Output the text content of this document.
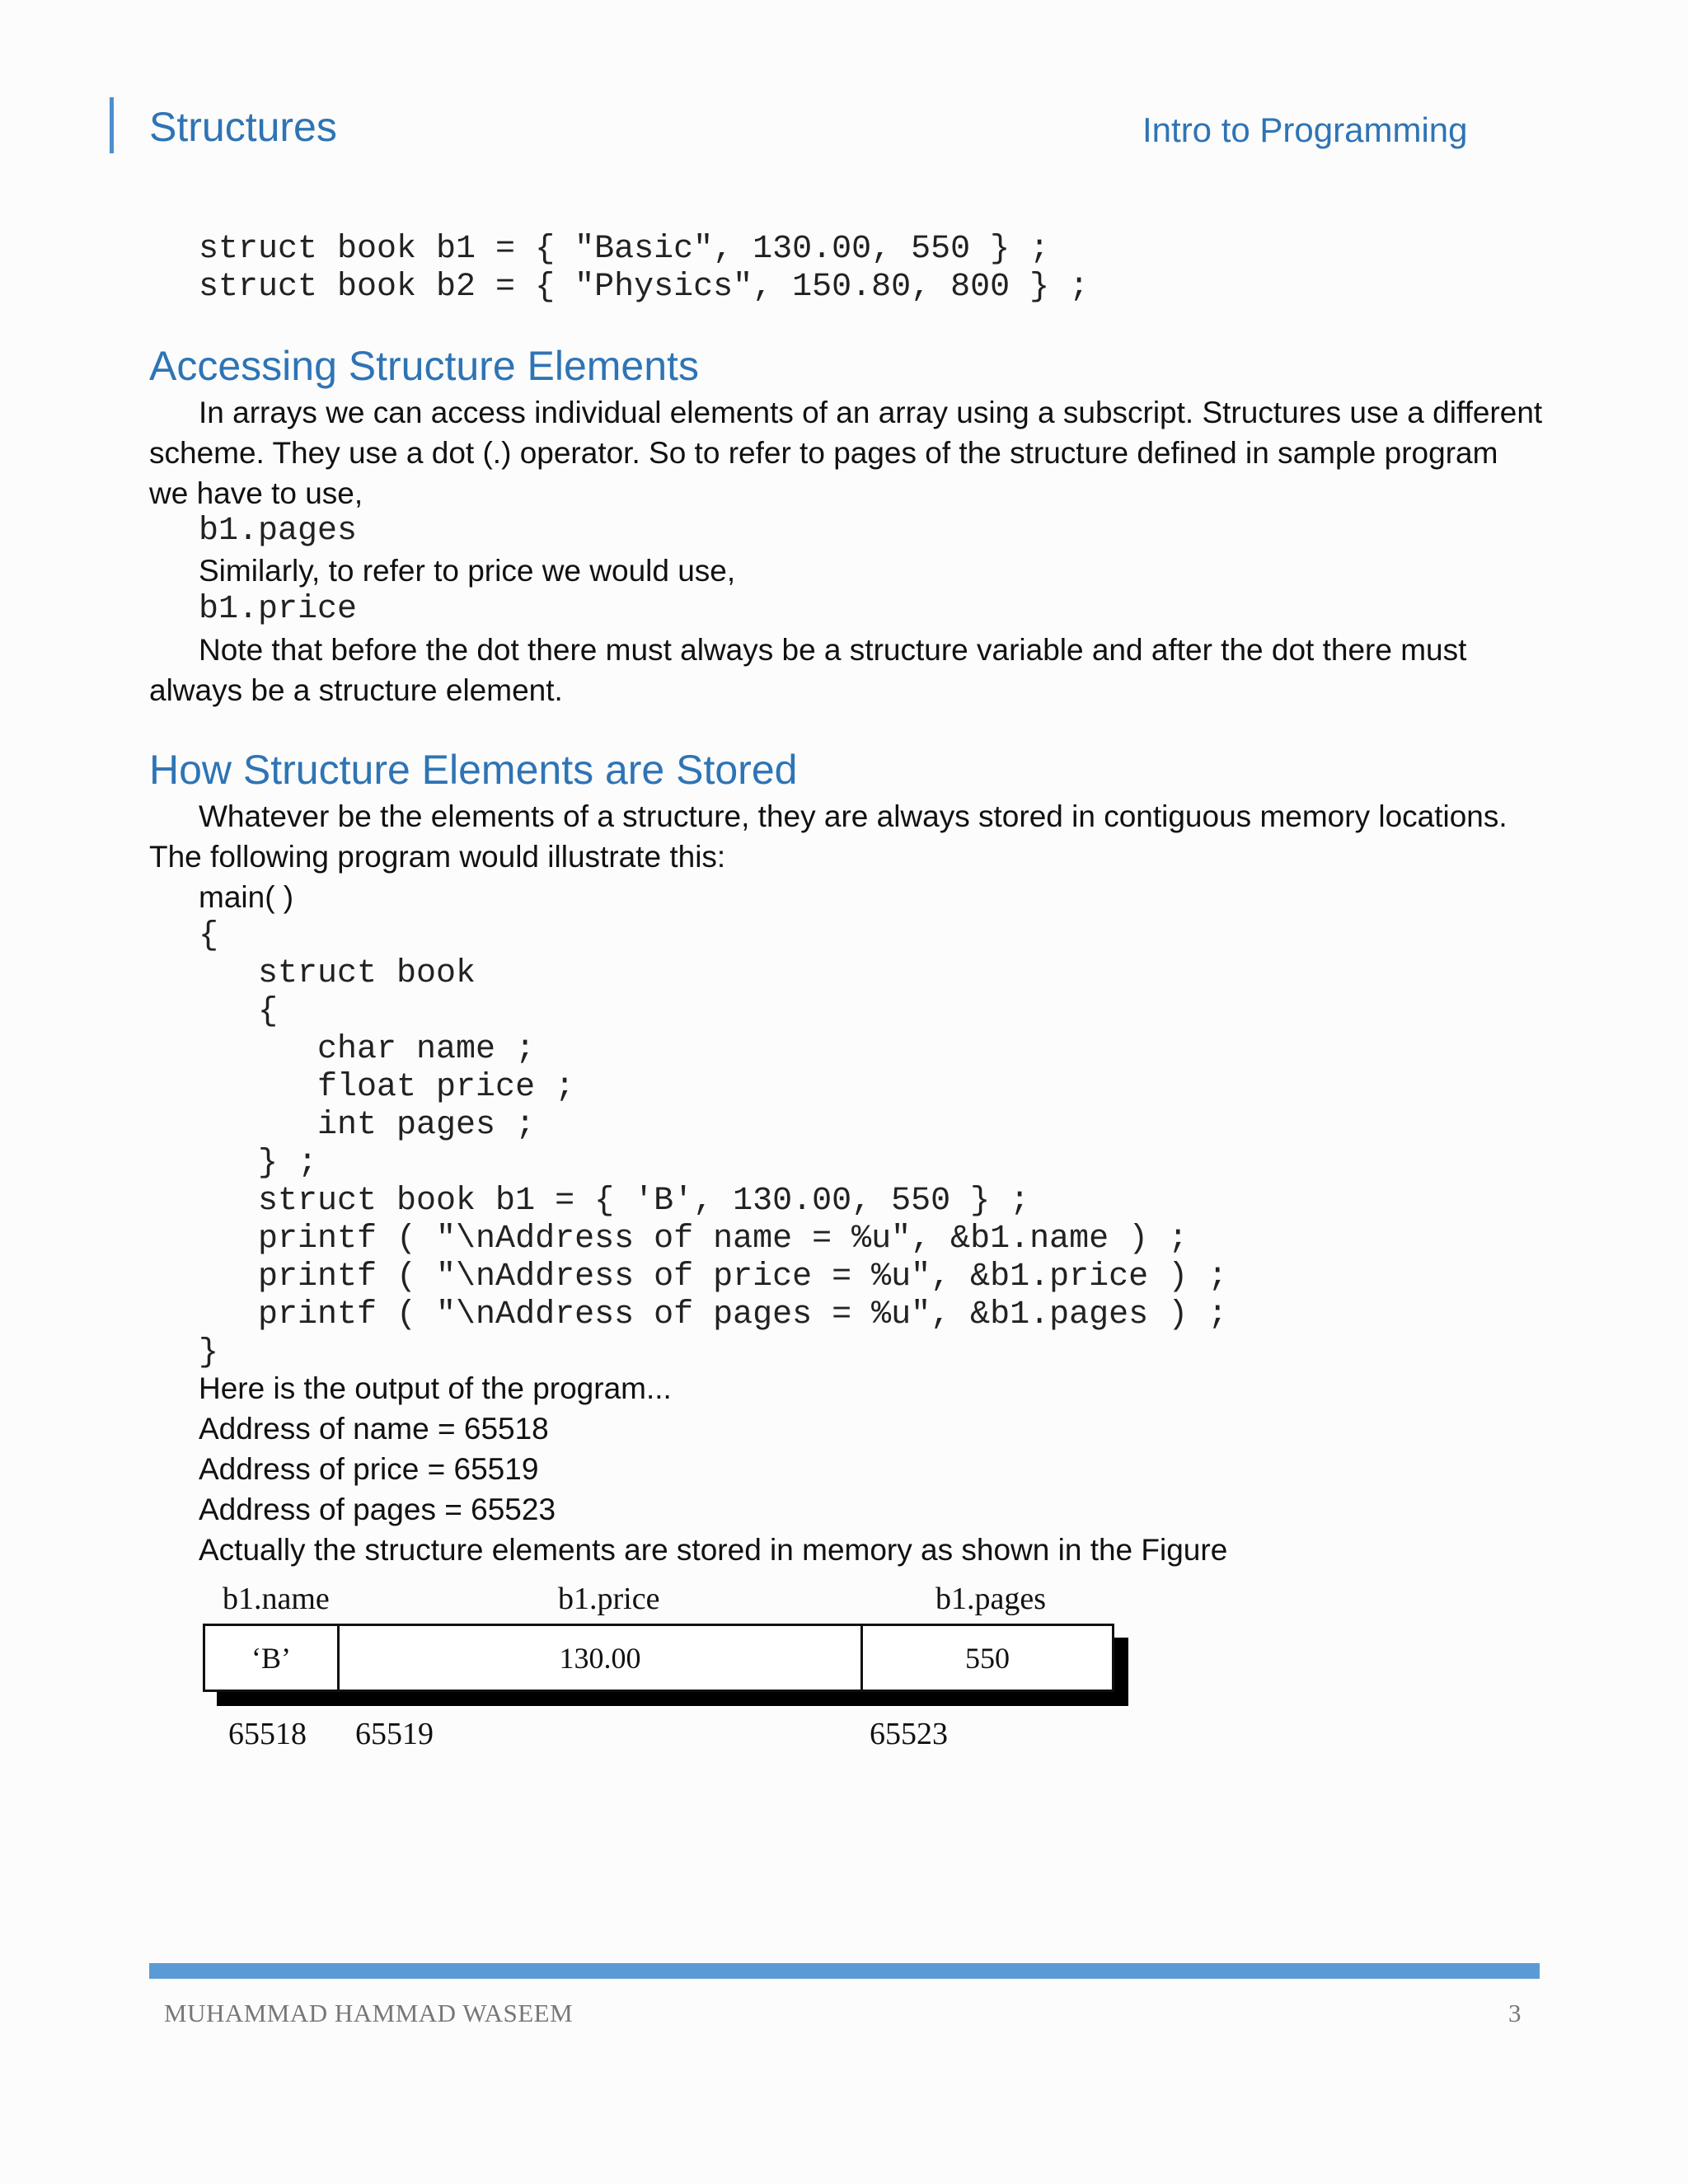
Structures	Intro to Programming
struct book b1 = { "Basic", 130.00, 550 } ;
struct book b2 = { "Physics", 150.80, 800 } ;
Accessing Structure Elements
In arrays we can access individual elements of an array using a subscript. Structures use a different
scheme. They use a dot (.) operator. So to refer to pages of the structure defined in sample program
we have to use,
b1.pages
Similarly, to refer to price we would use,
b1.price
Note that before the dot there must always be a structure variable and after the dot there must
always be a structure element.
How Structure Elements are Stored
Whatever be the elements of a structure, they are always stored in contiguous memory locations.
The following program would illustrate this:
main( )
{
struct book
{
char name ;
float price ;
int pages ;
} ;
struct book b1 = { 'B', 130.00, 550 } ;
printf ( "\nAddress of name = %u", &b1.name ) ;
printf ( "\nAddress of price = %u", &b1.price ) ;
printf ( "\nAddress of pages = %u", &b1.pages ) ;
}
Here is the output of the program...
Address of name = 65518
Address of price = 65519
Address of pages = 65523
Actually the structure elements are stored in memory as shown in the Figure
b1.name	b1.price	b1.pages
‘B’	130.00	550
65518 65519	65523
MUHAMMAD HAMMAD WASEEM	3
